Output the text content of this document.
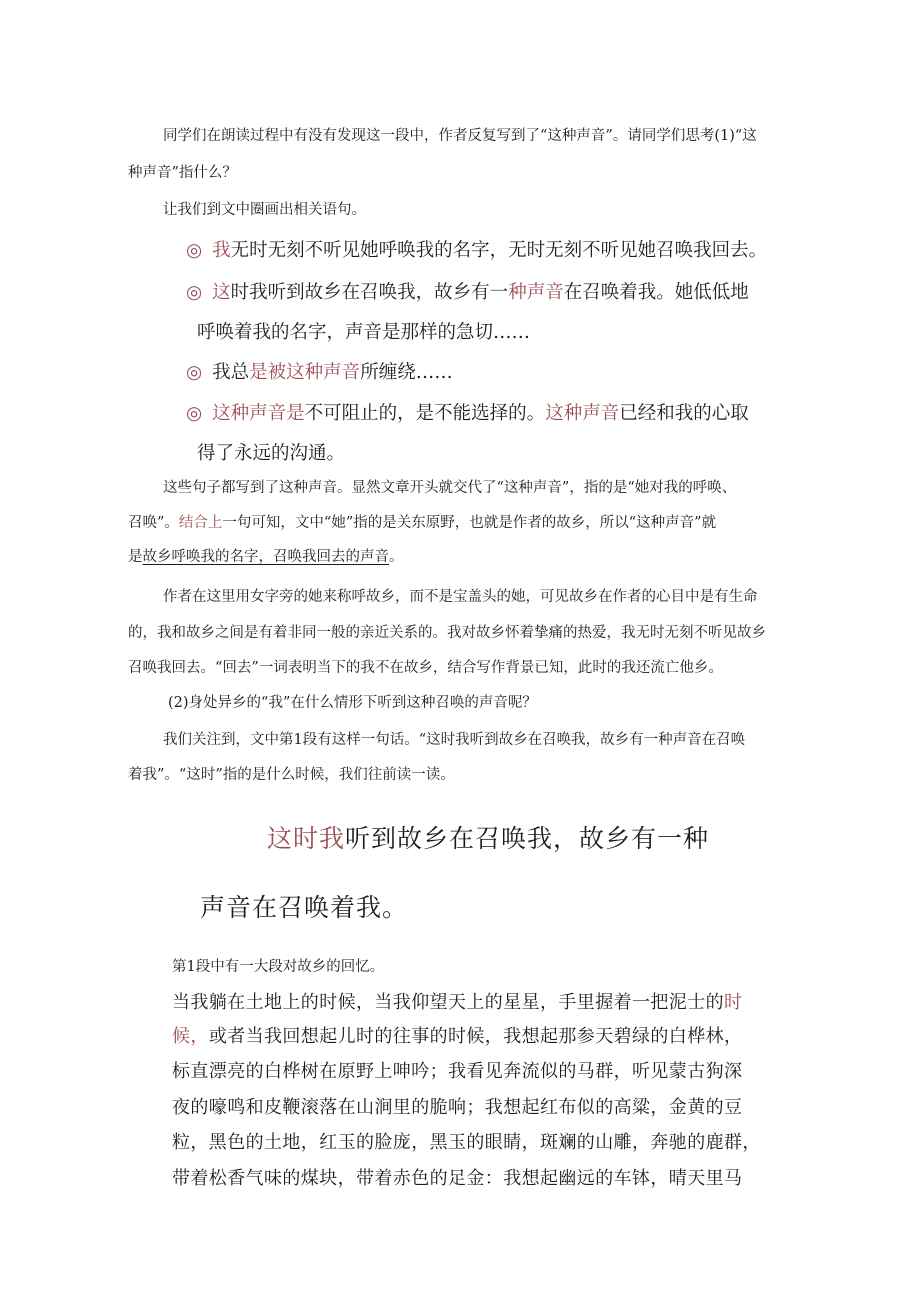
同学们在朗读过程中有没有发现这一段中，作者反复写到了“这种声音”。请同学们思考(1)“这
种声音”指什么？
让我们到文中圈画出相关语句。
◎ 我无时无刻不听见她呼唤我的名字，无时无刻不听见她召唤我回去。
◎ 这时我听到故乡在召唤我，故乡有一种声音在召唤着我。她低低地
呼唤着我的名字，声音是那样的急切……
◎ 我总是被这种声音所缠绕……
◎ 这种声音是不可阻止的，是不能选择的。这种声音已经和我的心取
得了永远的沟通。
这些句子都写到了这种声音。显然文章开头就交代了“这种声音”，指的是“她对我的呼唤、
召唤”。结合上一句可知，文中“她”指的是关东原野，也就是作者的故乡，所以“这种声音”就
是故乡呼唤我的名字，召唤我回去的声音。
作者在这里用女字旁的她来称呼故乡，而不是宝盖头的她，可见故乡在作者的心目中是有生命
的，我和故乡之间是有着非同一般的亲近关系的。我对故乡怀着挚痛的热爱，我无时无刻不听见故乡
召唤我回去。“回去”一词表明当下的我不在故乡，结合写作背景已知，此时的我还流亡他乡。
(2)身处异乡的“我”在什么情形下听到这种召唤的声音呢？
我们关注到，文中第1段有这样一句话。“这时我听到故乡在召唤我，故乡有一种声音在召唤
着我”。“这时”指的是什么时候，我们往前读一读。
这时我听到故乡在召唤我，故乡有一种
声音在召唤着我。
第1段中有一大段对故乡的回忆。
当我躺在土地上的时候，当我仰望天上的星星，手里握着一把泥士的时
候，或者当我回想起儿时的往事的时候，我想起那参天碧绿的白桦林，
标直漂亮的白桦树在原野上呻吟；我看见奔流似的马群，听见蒙古狗深
夜的嚎鸣和皮鞭滚落在山涧里的脆响；我想起红布似的高粱，金黄的豆
粒，黑色的土地，红玉的脸庞，黑玉的眼睛，斑斓的山雕，奔驰的鹿群，
带着松香气味的煤块，带着赤色的足金：我想起幽远的车钵，晴天里马
